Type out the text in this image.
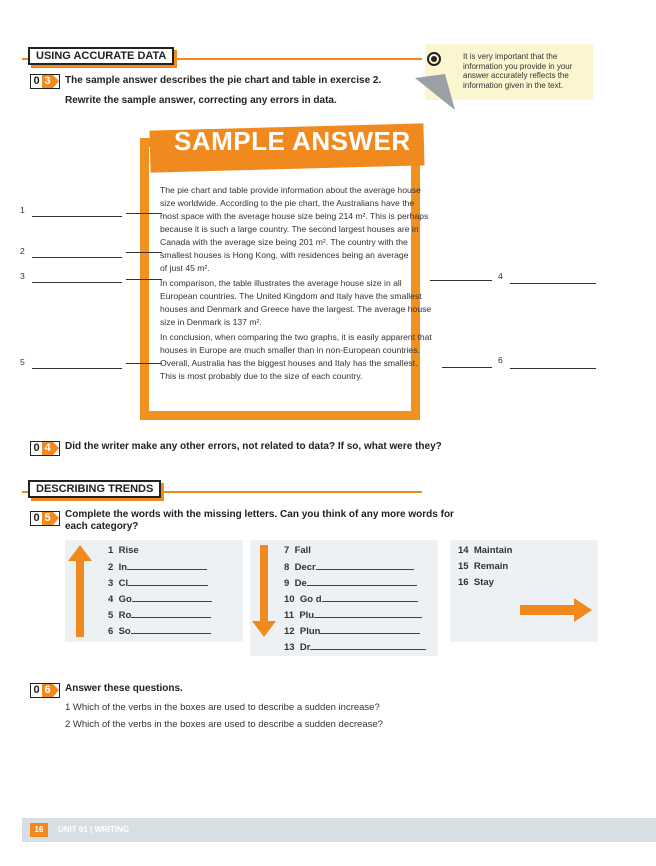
USING ACCURATE DATA	It is very important that the information you provide in your answer accurately reflects the information given in the text.
0 3 The sample answer describes the pie chart and table in exercise 2.
Rewrite the sample answer, correcting any errors in data.
SAMPLE ANSWER
The pie chart and table provide information about the average house
size worldwide. According to the pie chart, the Australians have the
most space with the average house size being 214 m². This is perhaps
because it is such a large country. The second largest houses are in
Canada with the average size being 201 m². The country with the
smallest houses is Hong Kong, with residences being an average
of just 45 m².
In comparison, the table illustrates the average house size in all
European countries. The United Kingdom and Italy have the smallest
houses and Denmark and Greece have the largest. The average house
size in Denmark is 137 m².
In conclusion, when comparing the two graphs, it is easily apparent that
houses in Europe are much smaller than in non-European countries.
Overall, Australia has the biggest houses and Italy has the smallest.
This is most probably due to the size of each country.
1
2
3
5
4
6
0 4 Did the writer make any other errors, not related to data? If so, what were they?
DESCRIBING TRENDS
0 5 Complete the words with the missing letters. Can you think of any more words for
each category?
1 Rise
2 In
3 Cl
4 Go
5 Ro
6 So
7 Fall
8 Decr
9 De
10 Go d
11 Plu
12 Plun
13 Dr
14 Maintain
15 Remain
16 Stay
0 6 Answer these questions.
1 Which of the verbs in the boxes are used to describe a sudden increase?
2 Which of the verbs in the boxes are used to describe a sudden decrease?
16	UNIT 01 | WRITING
